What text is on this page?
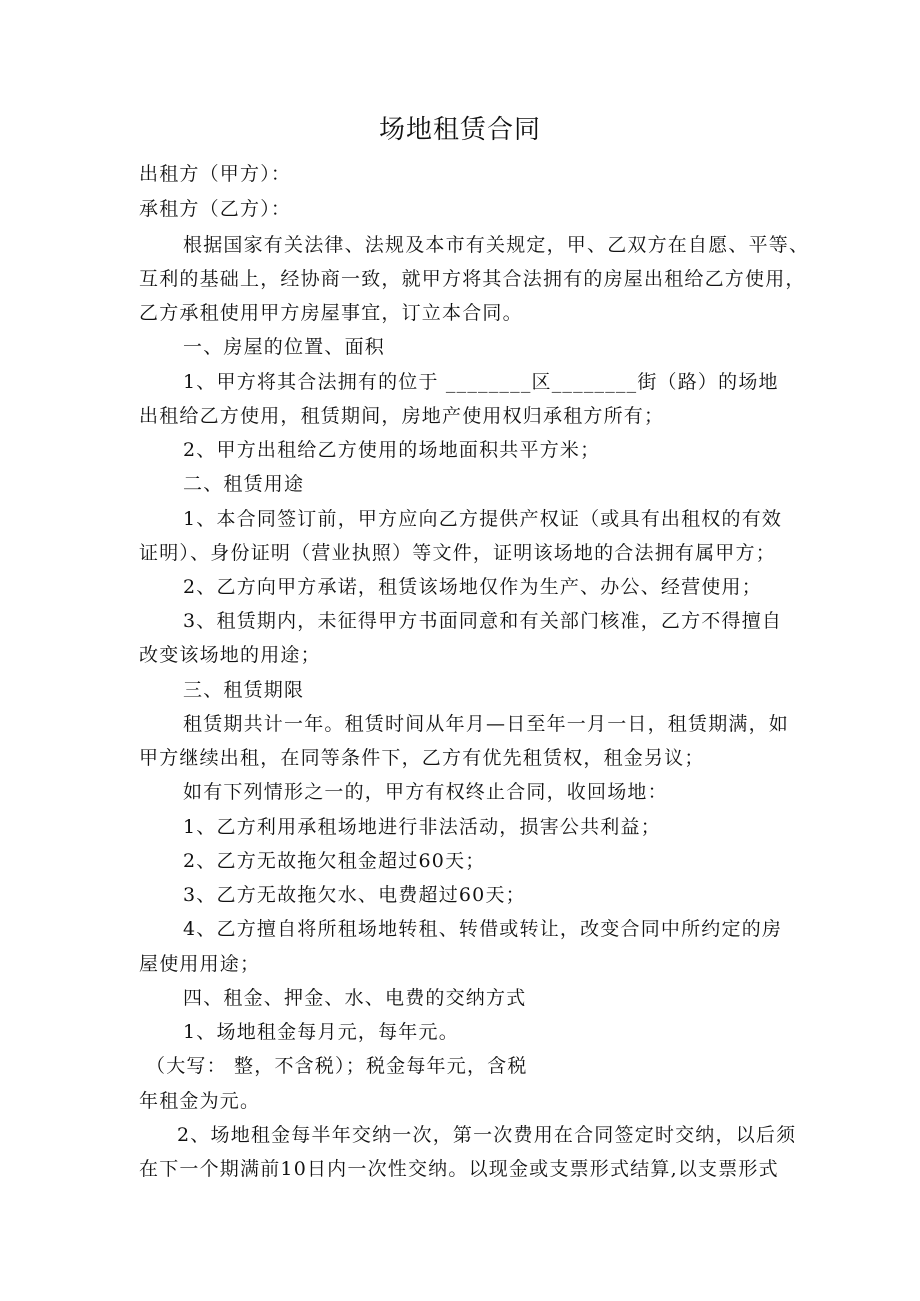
场地租赁合同
出租方（甲方）：
承租方（乙方）：
根据国家有关法律、法规及本市有关规定，甲、乙双方在自愿、平等、
互利的基础上，经协商一致，就甲方将其合法拥有的房屋出租给乙方使用，
乙方承租使用甲方房屋事宜，订立本合同。
一、房屋的位置、面积
1、甲方将其合法拥有的位于 ________区________街（路）的场地
出租给乙方使用，租赁期间，房地产使用权归承租方所有；
2、甲方出租给乙方使用的场地面积共平方米；
二、租赁用途
1、本合同签订前，甲方应向乙方提供产权证（或具有出租权的有效
证明）、身份证明（营业执照）等文件，证明该场地的合法拥有属甲方；
2、乙方向甲方承诺，租赁该场地仅作为生产、办公、经营使用；
3、租赁期内，未征得甲方书面同意和有关部门核准，乙方不得擅自
改变该场地的用途；
三、租赁期限
租赁期共计一年。租赁时间从年月—日至年一月一日，租赁期满，如
甲方继续出租，在同等条件下，乙方有优先租赁权，租金另议；
如有下列情形之一的，甲方有权终止合同，收回场地：
1、乙方利用承租场地进行非法活动，损害公共利益；
2、乙方无故拖欠租金超过60天；
3、乙方无故拖欠水、电费超过60天；
4、乙方擅自将所租场地转租、转借或转让，改变合同中所约定的房
屋使用用途；
四、租金、押金、水、电费的交纳方式
1、场地租金每月元，每年元。
（大写： 整，不含税）；税金每年元，含税
年租金为元。
2、场地租金每半年交纳一次，第一次费用在合同签定时交纳，以后须
在下一个期满前10日内一次性交纳。以现金或支票形式结算,以支票形式
